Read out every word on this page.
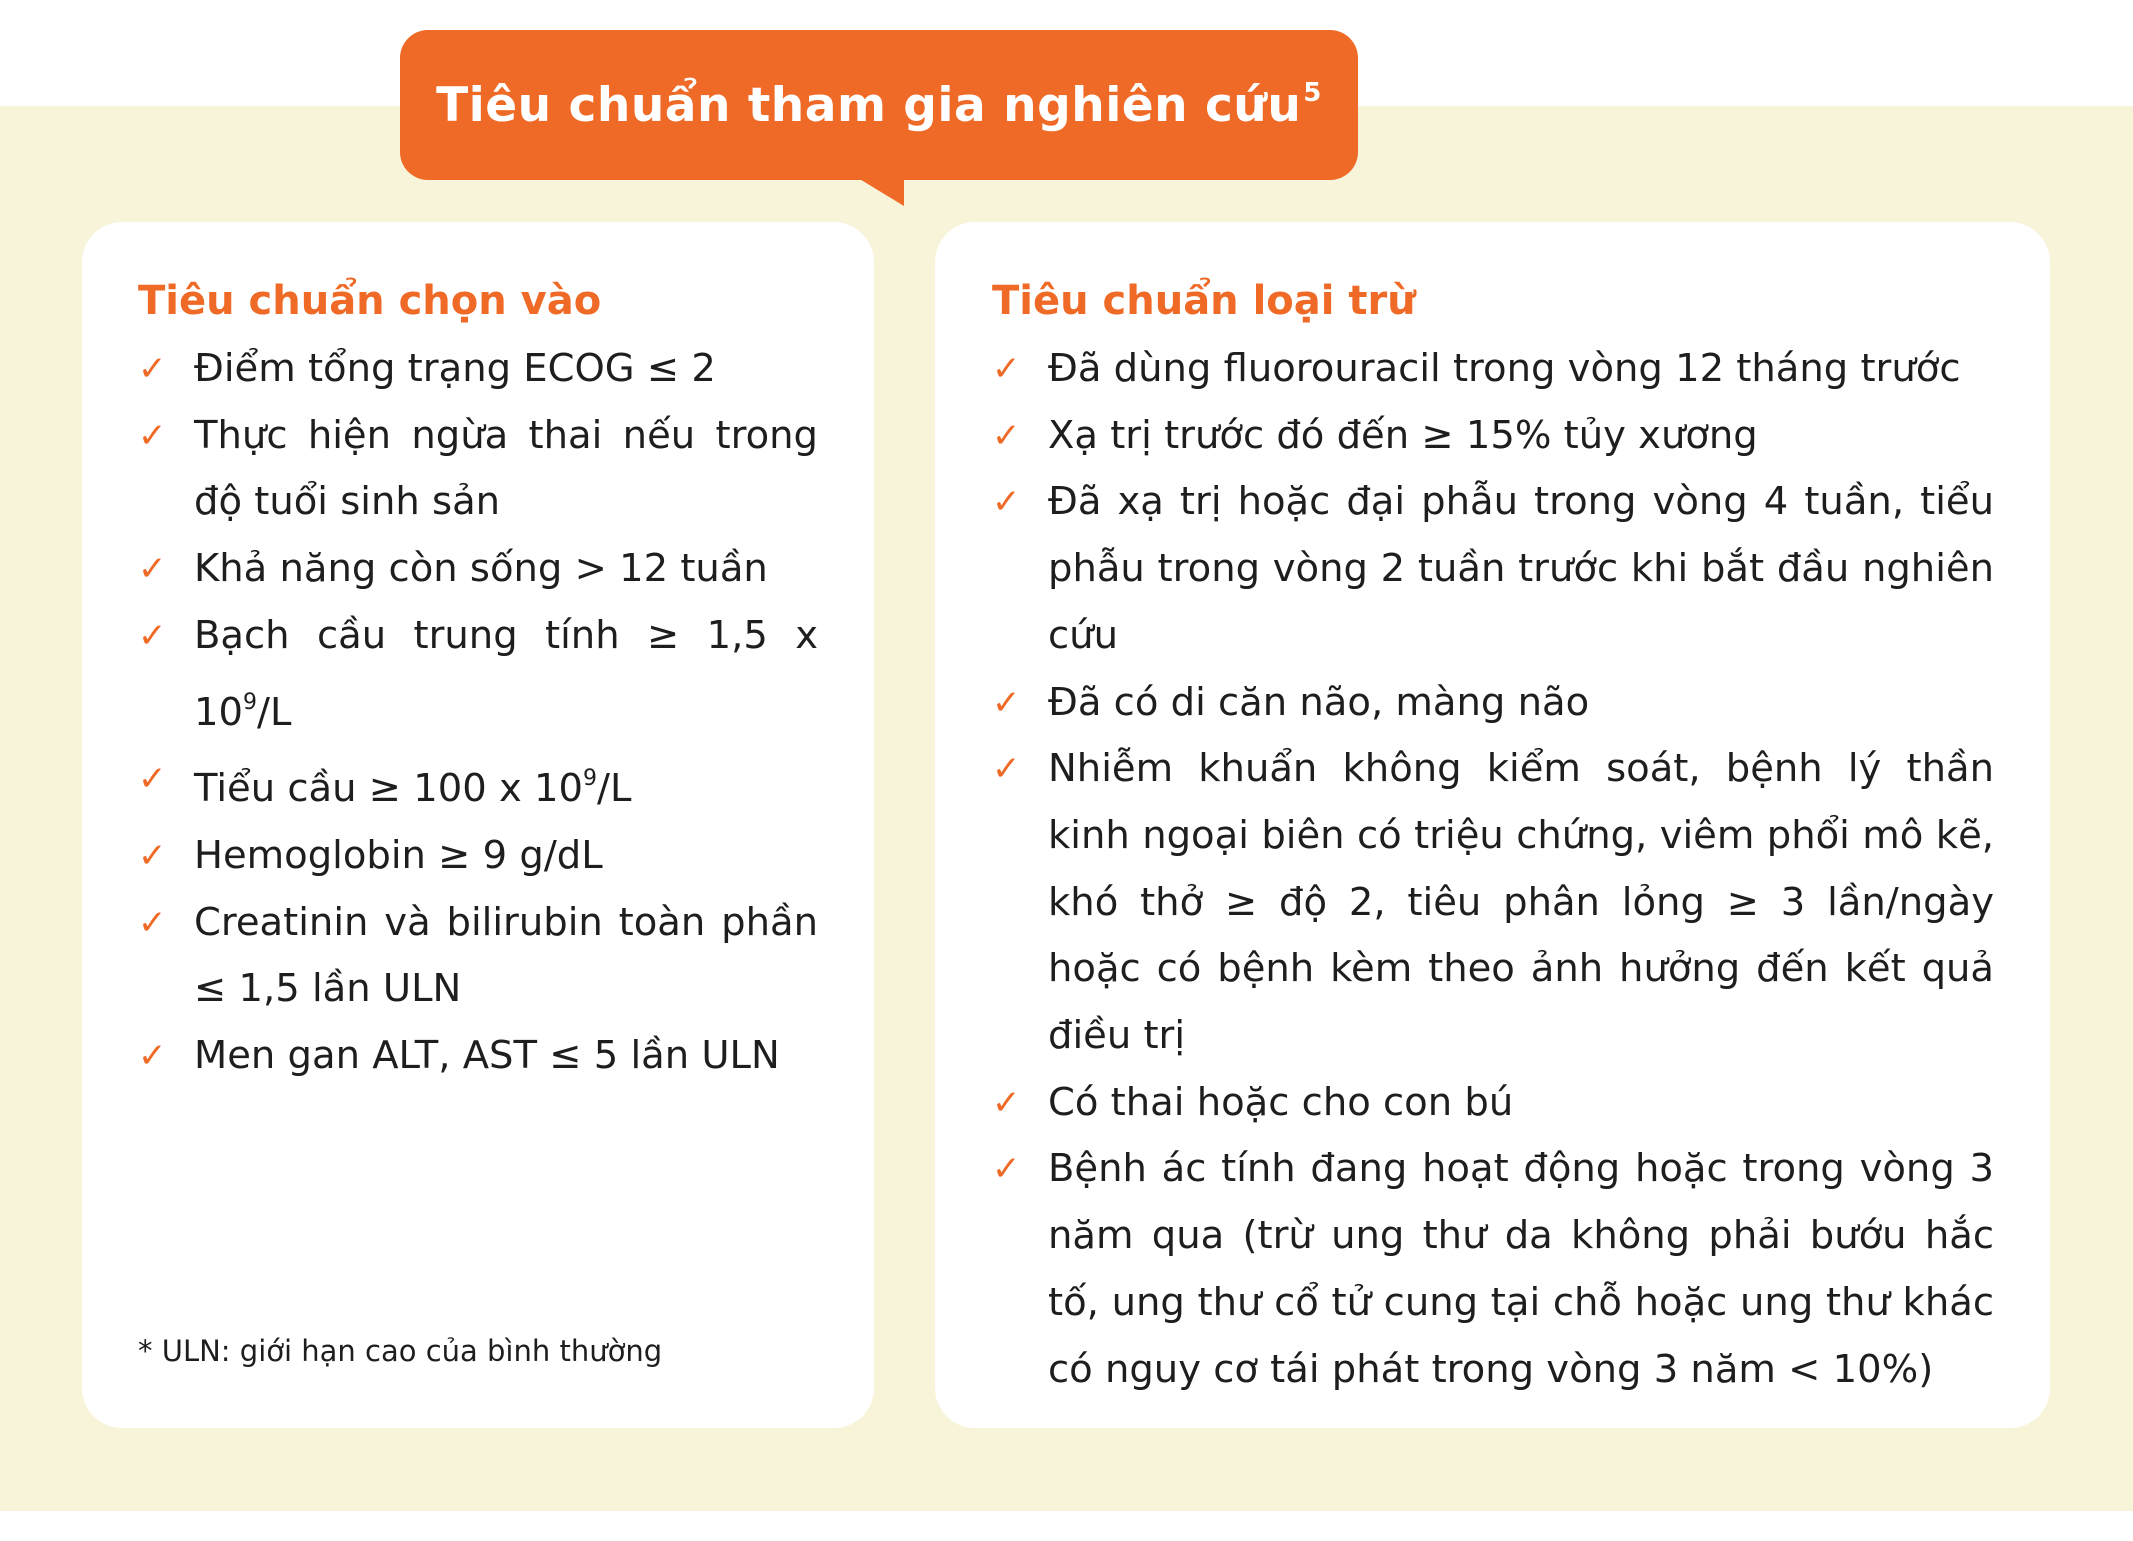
Tiêu chuẩn tham gia nghiên cứu$^5$
Tiêu chuẩn chọn vào
✓ Điểm tổng trạng ECOG ≤ 2
✓ Thực hiện ngừa thai nếu trong độ tuổi sinh sản
✓ Khả năng còn sống > 12 tuần
✓ Bạch cầu trung tính ≥ 1,5 x $10^9/L$
✓ Tiểu cầu ≥ 100 x $10^9/L$
✓ Hemoglobin ≥ 9 g/dL
✓ Creatinin và bilirubin toàn phần ≤ 1,5 lần ULN
✓ Men gan ALT, AST ≤ 5 lần ULN
* ULN: giới hạn cao của bình thường
Tiêu chuẩn loại trừ
✓ Đã dùng fluorouracil trong vòng 12 tháng trước
✓ Xạ trị trước đó đến ≥ 15% tủy xương
✓ Đã xạ trị hoặc đại phẫu trong vòng 4 tuần, tiểu phẫu trong vòng 2 tuần trước khi bắt đầu nghiên cứu
✓ Đã có di căn não, màng não
✓ Nhiễm khuẩn không kiểm soát, bệnh lý thần kinh ngoại biên có triệu chứng, viêm phổi mô kẽ, khó thở ≥ độ 2, tiêu phân lỏng ≥ 3 lần/ngày hoặc có bệnh kèm theo ảnh hưởng đến kết quả điều trị
✓ Có thai hoặc cho con bú
✓ Bệnh ác tính đang hoạt động hoặc trong vòng 3 năm qua (trừ ung thư da không phải bướu hắc tố, ung thư cổ tử cung tại chỗ hoặc ung thư khác có nguy cơ tái phát trong vòng 3 năm < 10%)
